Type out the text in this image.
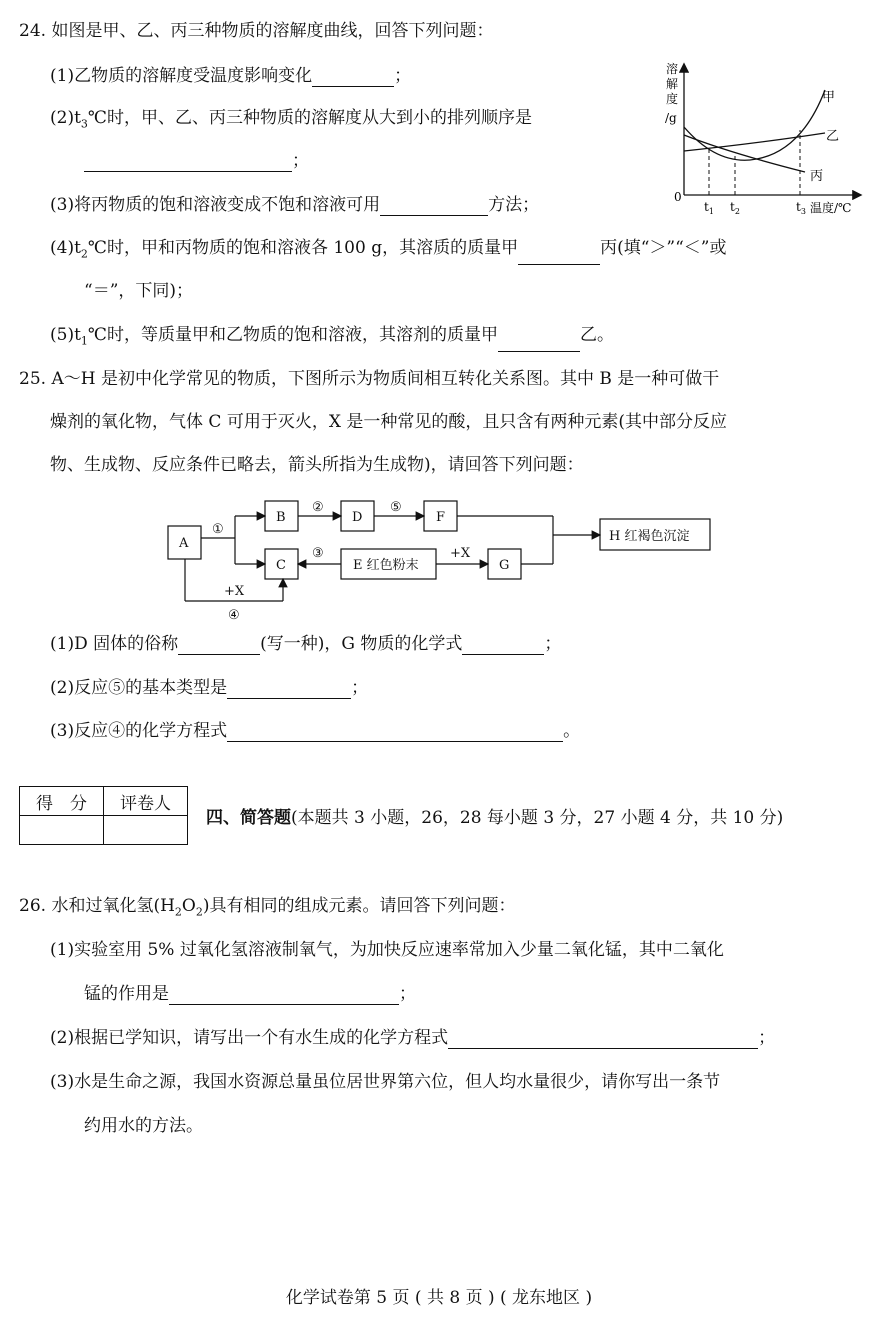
24. 如图是甲、乙、丙三种物质的溶解度曲线，回答下列问题：
(1)乙物质的溶解度受温度影响变化	；
$(2)t_3℃$时，甲、乙、丙三种物质的溶解度从大到小的排列顺序是
；
(3)将丙物质的饱和溶液变成不饱和溶液可用	方法；
$(4)t_2℃$时，甲和丙物质的饱和溶液各 100 g，其溶质的质量甲	丙(填“＞”“＜”或
“＝”，下同)；
$(5)t_1℃$时，等质量甲和乙物质的饱和溶液，其溶剂的质量甲	乙。
溶
解
度
/g
0
甲
乙
丙
$t_1$ $t_2$	$t_3$ 温度/℃
25. A～H 是初中化学常见的物质，下图所示为物质间相互转化关系图。其中 B 是一种可做干
燥剂的氧化物，气体 C 可用于灭火，X 是一种常见的酸，且只含有两种元素(其中部分反应
物、生成物、反应条件已略去，箭头所指为生成物)，请回答下列问题：
A
B
C
D	F
E 红色粉末	G
H 红褐色沉淀
①
②	⑤
③	+X
+X
④
(1)D 固体的俗称	(写一种)，G 物质的化学式	；
(2)反应⑤的基本类型是	；
(3)反应④的化学方程式	。
得　分	评卷人

四、简答题(本题共 3 小题，26，28 每小题 3 分，27 小题 4 分，共 10 分)
26. 水和过氧化氢$(H_2O_2)$具有相同的组成元素。请回答下列问题：
(1)实验室用 5% 过氧化氢溶液制氧气，为加快反应速率常加入少量二氧化锰，其中二氧化
锰的作用是	；
(2)根据已学知识，请写出一个有水生成的化学方程式	；
(3)水是生命之源，我国水资源总量虽位居世界第六位，但人均水量很少，请你写出一条节
约用水的方法。
化学试卷第 5 页 ( 共 8 页 ) ( 龙东地区 )
